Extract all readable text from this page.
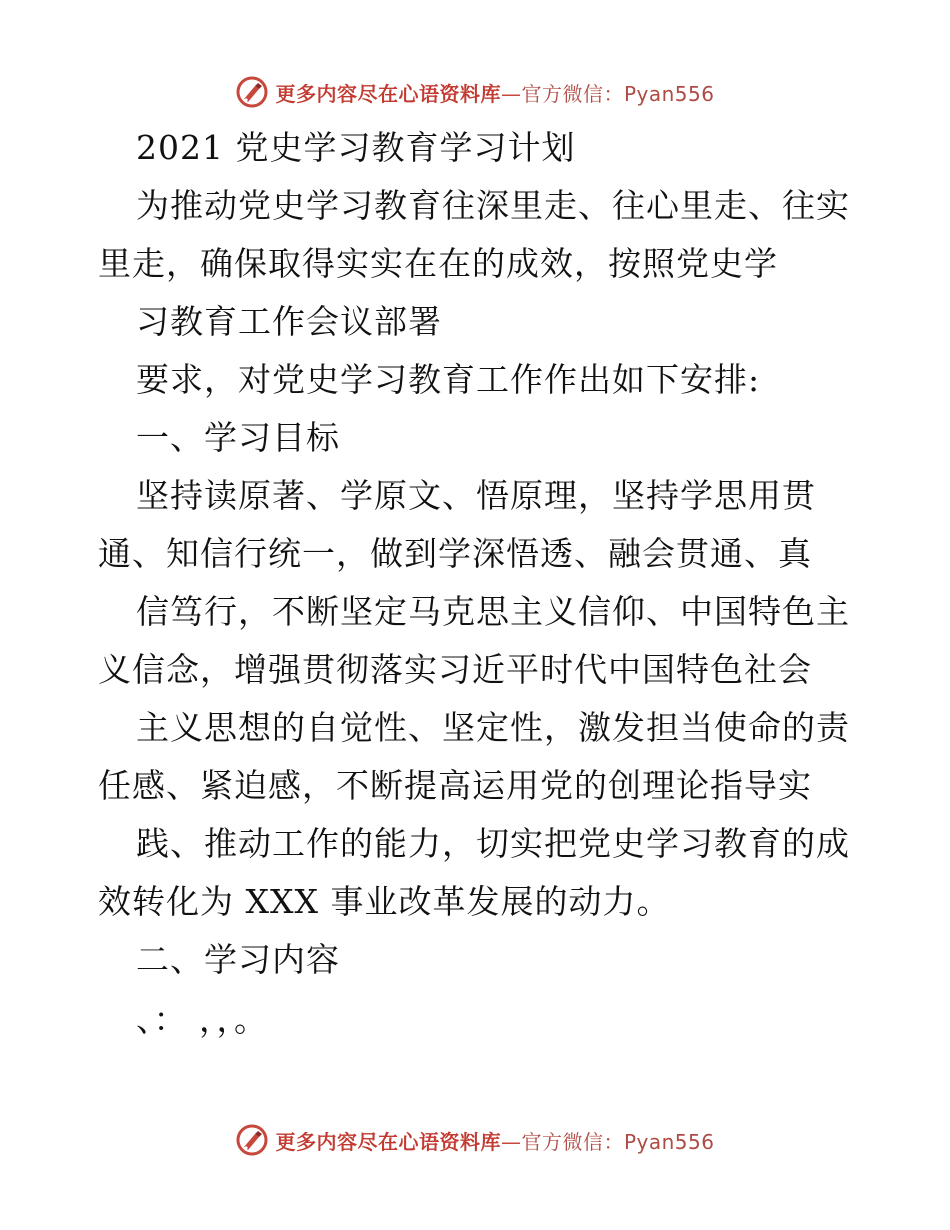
更多内容尽在心语资料库—官方微信：Pyan556
2021 党史学习教育学习计划
为推动党史学习教育往深里走、往心里走、往实
里走，确保取得实实在在的成效，按照党史学
习教育工作会议部署
要求，对党史学习教育工作作出如下安排:
一、学习目标
坚持读原著、学原文、悟原理，坚持学思用贯
通、知信行统一，做到学深悟透、融会贯通、真
信笃行，不断坚定马克思主义信仰、中国特色主
义信念，增强贯彻落实习近平时代中国特色社会
主义思想的自觉性、坚定性，激发担当使命的责
任感、紧迫感，不断提高运用党的创理论指导实
践、推动工作的能力，切实把党史学习教育的成
效转化为 XXX 事业改革发展的动力。
二、学习内容
、： ，，。
更多内容尽在心语资料库—官方微信：Pyan556
